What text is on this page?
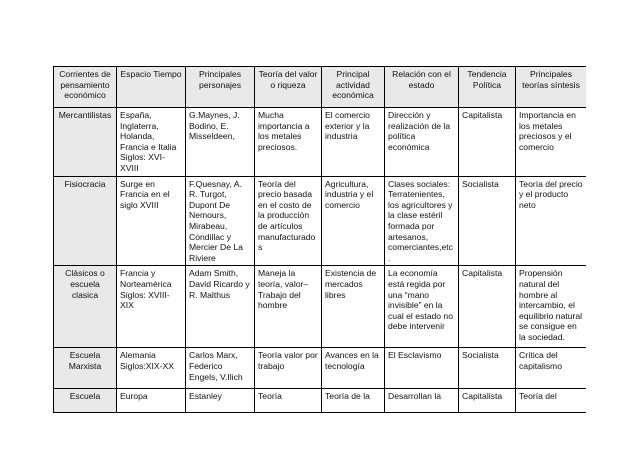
Corrientes de pensamiento económico	Espacio Tiempo	Principales personajes	Teoría del valor o riqueza	Principal actividad económica	Relación con el estado	Tendencia Política	Principales teorías síntesis
Mercantilistas	España, Inglaterra, Holanda, Francia e Italia Siglos: XVI-XVIII	G.Maynes, J. Bodino, E. Misseldeen,	Mucha importancia a los metales preciosos.	El comercio exterior y la industria	Dirección y realización de la política económica	Capitalista	Importancia en los metales preciosos y el comercio
Fisiocracia	Surge en Francia en el siglo XVIII	F.Quesnay, A. R. Turgot, Dupont De Nemours, Mirabeau, Condillac y Mercier De La Riviere	Teoría del precio basada en el costo de la producción de artículos manufacturado s	Agricultura, industria y el comercio	Clases sociales: Terratenientes, los agricultores y la clase estéril formada por artesanos, comerciantes,etc .	Socialista	Teoría del precio y el producto neto
Clásicos o escuela clasica	Francia y Norteamérica Siglos: XVIII-XIX	Adam Smith, David Ricardo y R. Malthus	Maneja la teoría, valor–Trabajo del hombre	Existencia de mercados libres	La economía está regida por una “mano invisible” en la cual el estado no debe intervenir	Capitalista	Propensión natural del hombre al intercambio, el equilibrio natural se consigue en la sociedad.
Escuela Marxista	Alemania Siglos:XIX-XX	Carlos Marx, Federico Engels, V.Ilich	Teoría valor por trabajo	Avances en la tecnología	El Esclavismo	Socialista	Crítica del capitalismo
Escuela	Europa	Estanley	Teoría	Teoría de la	Desarrollan la	Capitalista	Teoría del
